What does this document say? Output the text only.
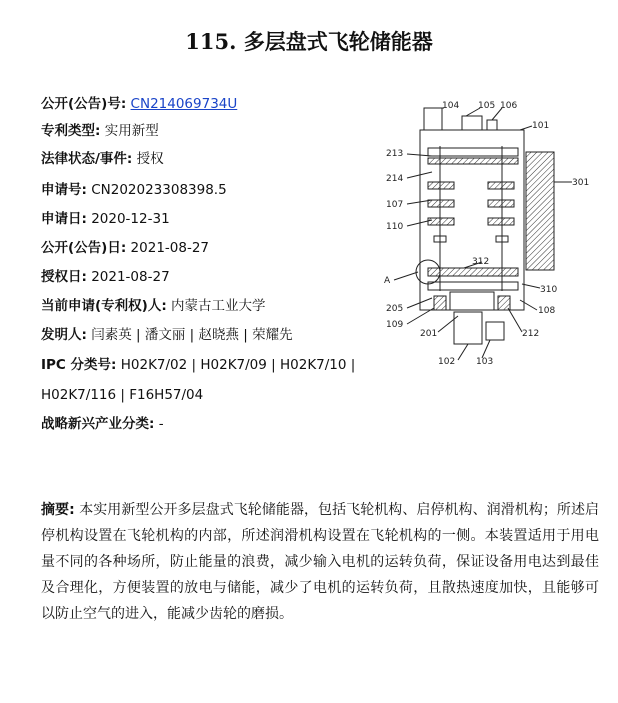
115. 多层盘式飞轮储能器
公开(公告)号: CN214069734U
专利类型: 实用新型
法律状态/事件: 授权
申请号: CN202023308398.5
申请日: 2020-12-31
公开(公告)日: 2021-08-27
授权日: 2021-08-27
当前申请(专利权)人: 内蒙古工业大学
发明人: 闫素英 | 潘文丽 | 赵晓燕 | 荣耀先
IPC 分类号: H02K7/02 | H02K7/09 | H02K7/10 |
H02K7/116 | F16H57/04
战略新兴产业分类: -
104 105 106
101
213
214	301
107
110
312
A
310
205	108
109
201	212
102 103
摘要: 本实用新型公开多层盘式飞轮储能器，包括飞轮机构、启停机构、润滑机构；所述启停机构设置在飞轮机构的内部，所述润滑机构设置在飞轮机构的一侧。本装置适用于用电量不同的各种场所，防止能量的浪费，减少输入电机的运转负荷，保证设备用电达到最佳及合理化，方便装置的放电与储能，减少了电机的运转负荷，且散热速度加快，且能够可以防止空气的进入，能减少齿轮的磨损。
